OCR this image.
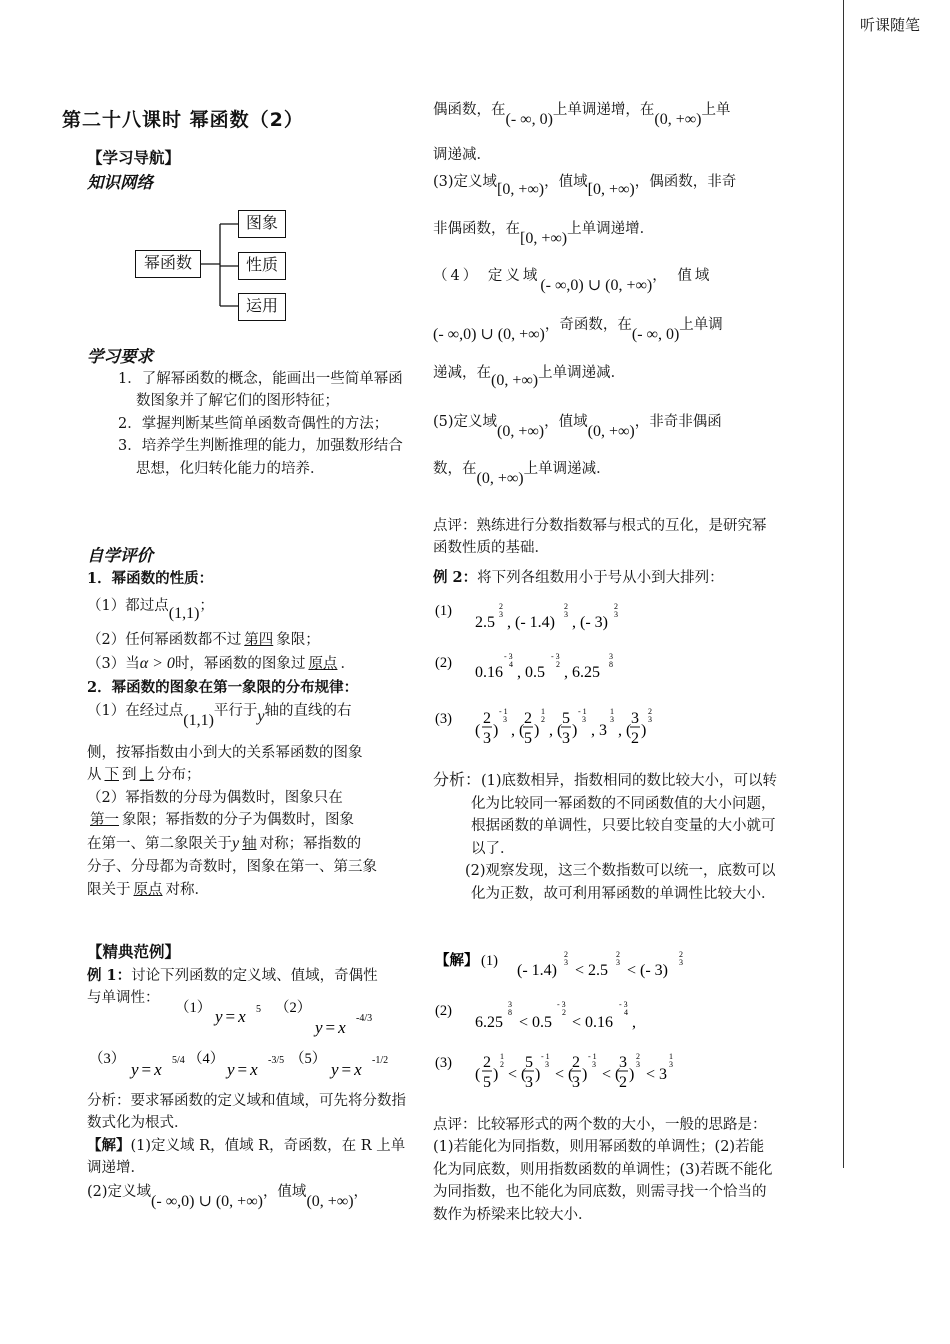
听课随笔
第二十八课时 幂函数（2）
【学习导航】
知识网络
幂函数
图象
性质
运用
学习要求
1．了解幂函数的概念，能画出一些简单幂函数图象并了解它们的图形特征；
2．掌握判断某些简单函数奇偶性的方法；
3．培养学生判断推理的能力，加强数形结合思想，化归转化能力的培养．
自学评价

1．幂函数的性质：

（1）都过点(1,1)；

（2）任何幂函数都不过 第四 象限；

（3）当α > 0时，幂函数的图象过 原点 ．

2．幂函数的图象在第一象限的分布规律：

（1）在经过点(1,1)平行于y轴的直线的右

侧，按幂指数由小到大的关系幂函数的图象

从 下 到 上 分布；

（2）幂指数的分母为偶数时，图象只在

第一 象限；幂指数的分子为偶数时，图象

在第一、第二象限关于y 轴 对称；幂指数的

分子、分母都为奇数时，图象在第一、第三象

限关于 原点 对称．

【精典范例】

例 1：讨论下列函数的定义域、值域，奇偶性

与单调性：

（1） y = x 5 （2）
y = x -4/3
（3）
y = x 5/4 （4）
y = x -3/5 （5）
y = x -1/2

分析：要求幂函数的定义域和值域，可先将分数指数式化为根式．

【解】(1)定义域 R，值域 R，奇函数，在 R 上单调递增．

(2)定义域(- ∞,0) ∪ (0, +∞)，值域(0, +∞)，

偶函数，在(- ∞, 0)上单调递增，在(0, +∞)上单

调递减．

(3)定义域[0, +∞)，值域[0, +∞)，偶函数，非奇

非偶函数，在[0, +∞)上单调递增．

（4） 定义域(- ∞,0) ∪ (0, +∞)， 值域

(- ∞,0) ∪ (0, +∞)，奇函数，在(- ∞, 0)上单调

递减，在(0, +∞)上单调递减．

(5)定义域(0, +∞)，值域(0, +∞)，非奇非偶函

数，在(0, +∞)上单调递减．

点评：熟练进行分数指数幂与根式的互化，是研究幂函数性质的基础．
例 2：将下列各组数用小于号从小到大排列：
(1)
2.5
2
3 , (- 1.4)
2
3 , (- 3)
2
3
(2)
0.16
- 3
4 , 0.5
- 3
2 , 6.25
3
8
(3)
(
2
3 )
- 1
3
, (
2
5 )
1
2
, (
5
3 )
- 1
3
, 3
1
3
, (
3
2 )
2
3

分析：(1)底数相异，指数相同的数比较大小，可以转化为比较同一幂函数的不同函数值的大小问题，根据函数的单调性，只要比较自变量的大小就可以了．

(2)观察发现，这三个数指数可以统一，底数可以化为正数，故可利用幂函数的单调性比较大小．

【解】 (1)
(- 1.4)
2
3 < 2.5
2
3 < (- 3)
2
3
(2)
6.25
3
8
< 0.5
- 3
2
< 0.16
- 3
4
,
(3)
(
2
5 )
1
2
< (
5
3 )
- 1
3
< (
2
3 )
- 1
3
< (
3
2 )
2
3
< 3
1
3
点评：比较幂形式的两个数的大小，一般的思路是：(1)若能化为同指数，则用幂函数的单调性；(2)若能化为同底数，则用指数函数的单调性；(3)若既不能化为同指数，也不能化为同底数，则需寻找一个恰当的数作为桥梁来比较大小．
